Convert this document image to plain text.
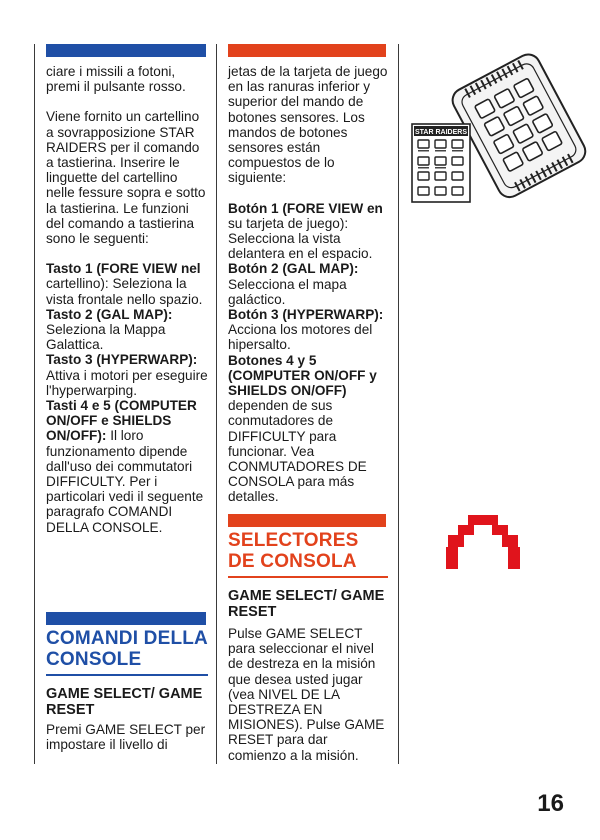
ciare i missili a fotoni, premi il pulsante rosso.

Viene fornito un cartellino a sovrapposizione STAR RAIDERS per il comando a tastierina. Inserire le linguette del cartellino nelle fessure sopra e sotto la tastierina. Le funzioni del comando a tastierina sono le seguenti:

Tasto 1 (FORE VIEW nel cartellino): Seleziona la vista frontale nello spazio.

Tasto 2 (GAL MAP): Seleziona la Mappa Galattica.

Tasto 3 (HYPERWARP): Attiva i motori per eseguire l'hyperwarping.

Tasti 4 e 5 (COMPUTER ON/OFF e SHIELDS ON/OFF): Il loro funzionamento dipende dall'uso dei commutatori DIFFICULTY. Per i particolari vedi il seguente paragrafo COMANDI DELLA CONSOLE.

COMANDI DELLA CONSOLE
GAME SELECT/ GAME RESET

Premi GAME SELECT per impostare il livello di

jetas de la tarjeta de juego en las ranuras inferior y superior del mando de botones sensores. Los mandos de botones sensores están compuestos de lo siguiente:

Botón 1 (FORE VIEW en su tarjeta de juego): Selecciona la vista delantera en el espacio.

Botón 2 (GAL MAP): Selecciona el mapa galáctico.

Botón 3 (HYPERWARP): Acciona los motores del hipersalto.

Botones 4 y 5 (COMPUTER ON/OFF y SHIELDS ON/OFF) dependen de sus conmutadores de DIFFICULTY para funcionar. Vea CONMUTADORES DE CONSOLA para más detalles.

SELECTORES DE CONSOLA
GAME SELECT/ GAME RESET

Pulse GAME SELECT para seleccionar el nivel de destreza en la misión que desea usted jugar (vea NIVEL DE LA DESTREZA EN MISIONES). Pulse GAME RESET para dar comienzo a la misión.

STAR RAIDERS
16
